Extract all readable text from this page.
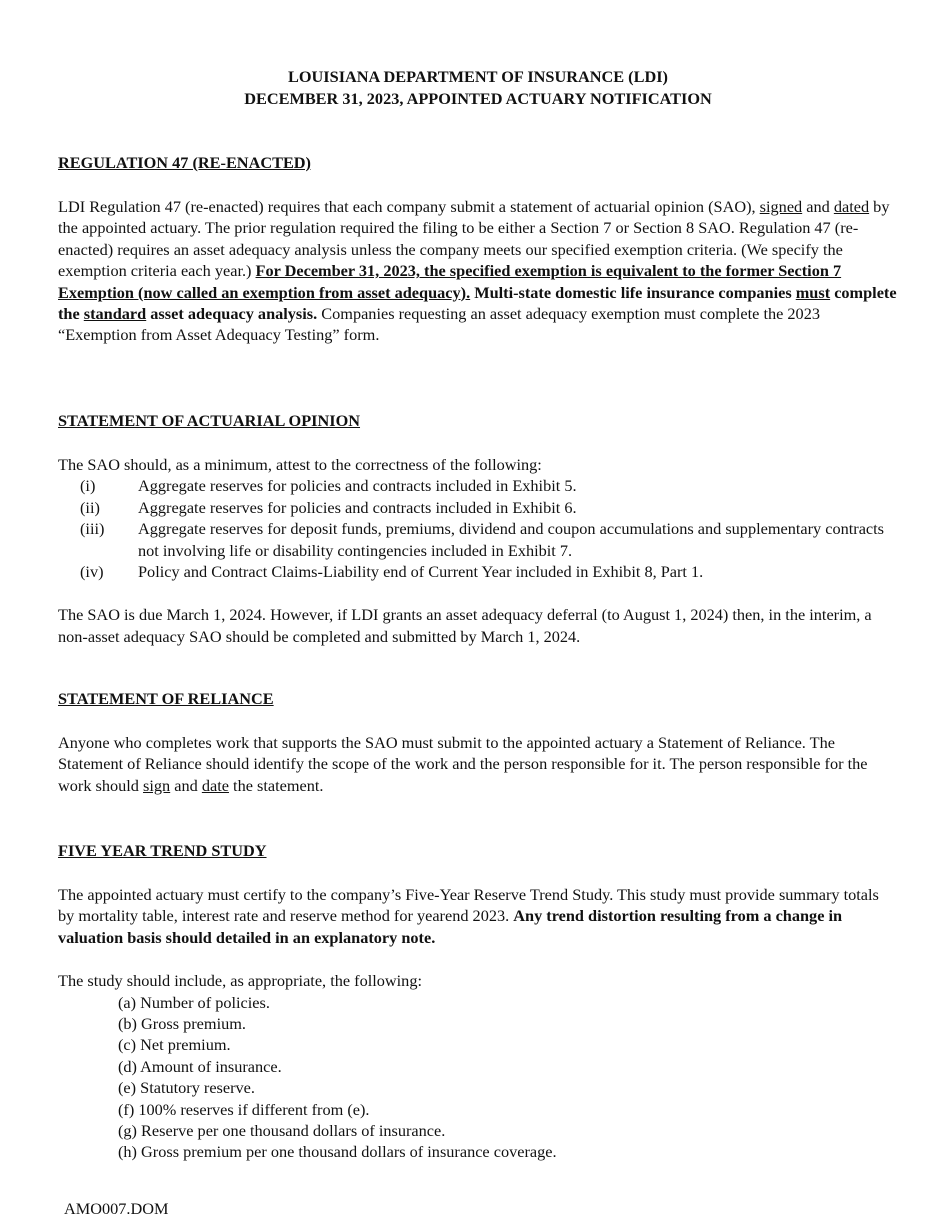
LOUISIANA DEPARTMENT OF INSURANCE (LDI)
DECEMBER 31, 2023, APPOINTED ACTUARY NOTIFICATION
REGULATION 47 (RE-ENACTED)

LDI Regulation 47 (re-enacted) requires that each company submit a statement of actuarial opinion (SAO), signed and dated by the appointed actuary. The prior regulation required the filing to be either a Section 7 or Section 8 SAO. Regulation 47 (re-enacted) requires an asset adequacy analysis unless the company meets our specified exemption criteria. (We specify the exemption criteria each year.) For December 31, 2023, the specified exemption is equivalent to the former Section 7 Exemption (now called an exemption from asset adequacy). Multi-state domestic life insurance companies must complete the standard asset adequacy analysis. Companies requesting an asset adequacy exemption must complete the 2023 “Exemption from Asset Adequacy Testing” form.

STATEMENT OF ACTUARIAL OPINION

The SAO should, as a minimum, attest to the correctness of the following:

(i)	Aggregate reserves for policies and contracts included in Exhibit 5.
(ii)	Aggregate reserves for policies and contracts included in Exhibit 6.
(iii)	Aggregate reserves for deposit funds, premiums, dividend and coupon accumulations and supplementary contracts not involving life or disability contingencies included in Exhibit 7.
(iv)	Policy and Contract Claims-Liability end of Current Year included in Exhibit 8, Part 1.

The SAO is due March 1, 2024. However, if LDI grants an asset adequacy deferral (to August 1, 2024) then, in the interim, a non-asset adequacy SAO should be completed and submitted by March 1, 2024.

STATEMENT OF RELIANCE

Anyone who completes work that supports the SAO must submit to the appointed actuary a Statement of Reliance. The Statement of Reliance should identify the scope of the work and the person responsible for it. The person responsible for the work should sign and date the statement.

FIVE YEAR TREND STUDY

The appointed actuary must certify to the company’s Five-Year Reserve Trend Study. This study must provide summary totals by mortality table, interest rate and reserve method for yearend 2023. Any trend distortion resulting from a change in valuation basis should detailed in an explanatory note.

The study should include, as appropriate, the following:

(a) Number of policies.
(b) Gross premium.
(c) Net premium.
(d) Amount of insurance.
(e) Statutory reserve.
(f) 100% reserves if different from (e).
(g) Reserve per one thousand dollars of insurance.
(h) Gross premium per one thousand dollars of insurance coverage.
AMO007.DOM
